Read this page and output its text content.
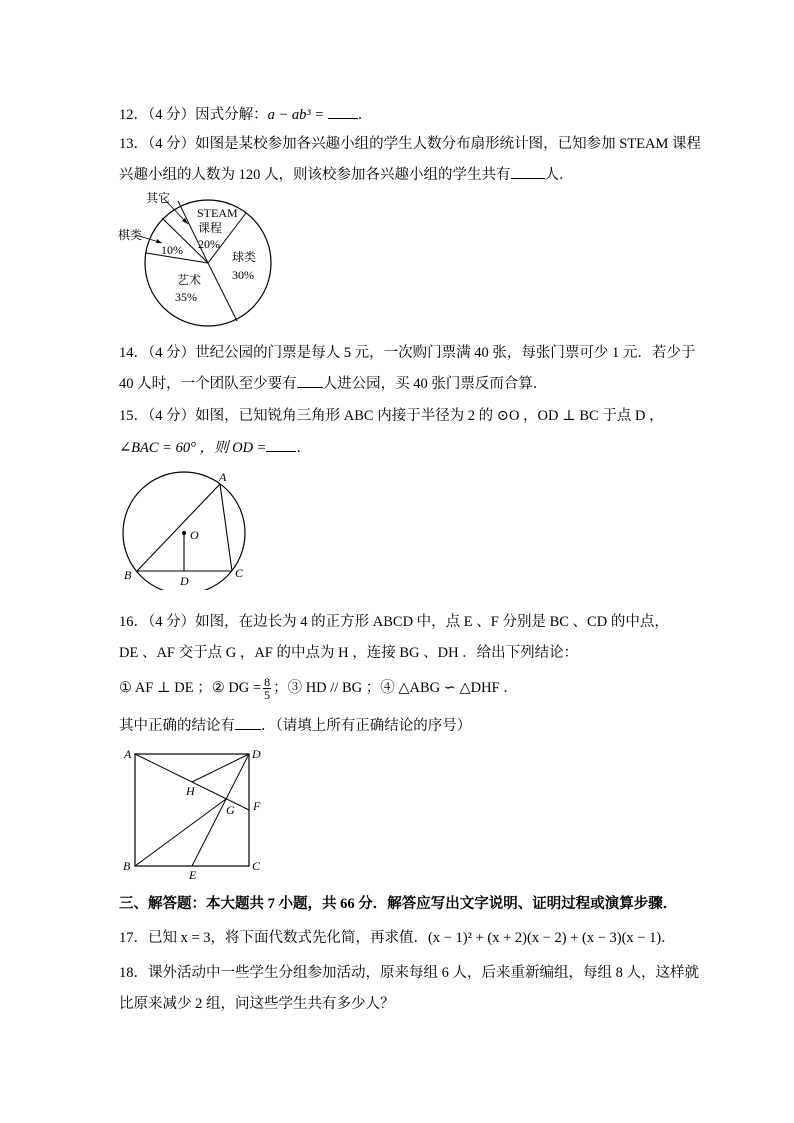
12．（4 分）因式分解：a − ab³ = ．
13．（4 分）如图是某校参加各兴趣小组的学生人数分布扇形统计图，已知参加 STEAM 课程
兴趣小组的人数为 120 人，则该校参加各兴趣小组的学生共有 人．
其它
棋类
10%
STEAM
课程
20%
球类
30%
艺术
35%
14．（4 分）世纪公园的门票是每人 5 元，一次购门票满 40 张，每张门票可少 1 元．若少于
40 人时，一个团队至少要有 人进公园，买 40 张门票反而合算．
15．（4 分）如图，已知锐角三角形 ABC 内接于半径为 2 的 ⊙O ，OD ⊥ BC 于点 D ，
∠BAC = 60° ，则 OD = ．
A
O
B	D
C
16．（4 分）如图，在边长为 4 的正方形 ABCD 中，点 E 、F 分别是 BC 、CD 的中点，
DE 、AF 交于点 G ，AF 的中点为 H ，连接 BG 、DH ．给出下列结论：
① AF ⊥ DE ；② DG = $\frac{8}{5}$ ；③ HD // BG ；④ △ABG ∽ △DHF ．
其中正确的结论有 ．（请填上所有正确结论的序号）
A	D
H
F
G
B
E
C
三、解答题：本大题共 7 小题，共 66 分．解答应写出文字说明、证明过程或演算步骤．
17．已知 x = 3，将下面代数式先化简，再求值．(x − 1)² + (x + 2)(x − 2) + (x − 3)(x − 1)．
18．课外活动中一些学生分组参加活动，原来每组 6 人，后来重新编组，每组 8 人，这样就
比原来减少 2 组，问这些学生共有多少人？
